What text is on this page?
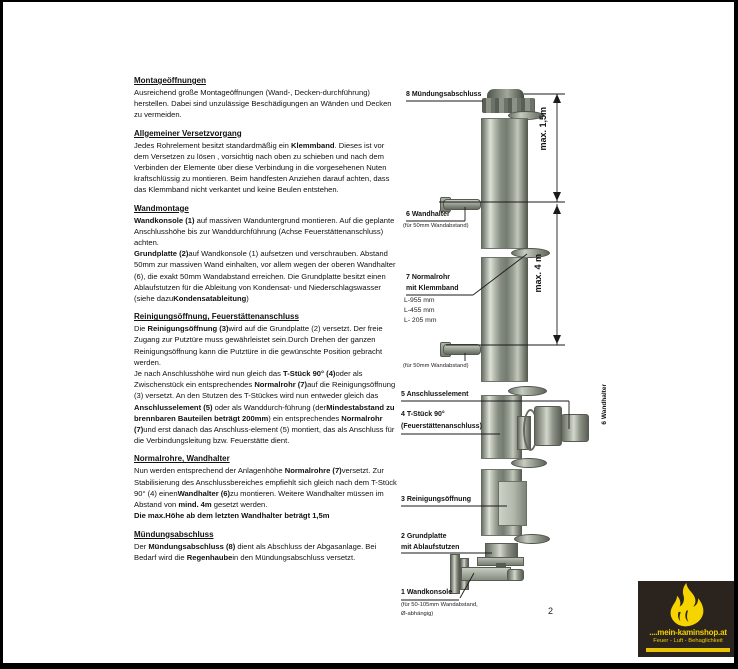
Montageöffnungen

Ausreichend große Montageöffnungen (Wand-, Decken-durchführung) herstellen. Dabei sind unzulässige Beschädigungen an Wänden und Decken zu vermeiden.

Allgemeiner Versetzvorgang

Jedes Rohrelement besitzt standardmäßig ein Klemmband. Dieses ist vor dem Versetzen zu lösen , vorsichtig nach oben zu schieben und nach dem Verbinden der Elemente über diese Verbindung in die vorgesehenen Nuten kraftschlüssig zu montieren. Beim handfesten Anziehen darauf achten, dass das Klemmband nicht verkantet und keine Beulen entstehen.

Wandmontage

Wandkonsole (1) auf massiven Wanduntergrund montieren. Auf die geplante Anschlusshöhe bis zur Wanddurchführung (Achse Feuerstättenanschluss) achten.

Grundplatte (2)auf Wandkonsole (1) aufsetzen und verschrauben. Abstand 50mm zur massiven Wand einhalten, vor allem wegen der oberen Wandhalter (6), die exakt 50mm Wandabstand erreichen. Die Grundplatte besitzt einen Ablaufstutzen für die Ableitung von Kondensat- und Niederschlagswasser (siehe dazuKondensatableitung)

Reinigungsöffnung, Feuerstättenanschluss

Die Reinigungsöffnung (3)wird auf die Grundplatte (2) versetzt. Der freie Zugang zur Putztüre muss gewährleistet sein.Durch Drehen der ganzen Reinigungsöffnung kann die Putztüre in die gewünschte Position gebracht werden.

Je nach Anschlusshöhe wird nun gleich das T-Stück 90° (4)oder als Zwischenstück ein entsprechendes Normalrohr (7)auf die Reinigungsöffnung (3) versetzt. An den Stutzen des T-Stückes wird nun entweder gleich das Anschlusselement (5) oder als Wanddurch-führung (derMindestabstand zu brennbaren Bauteilen beträgt 200mm) ein entsprechendes Normalrohr (7)und erst danach das Anschluss-element (5) montiert, das als Anschluss für die Verbindungsleitung bzw. Feuerstätte dient.

Normalrohre, Wandhalter

Nun werden entsprechend der Anlagenhöhe Normalrohre (7)versetzt. Zur Stabilisierung des Anschlussbereiches empfiehlt sich gleich nach dem T-Stück 90° (4) einenWandhalter (6)zu montieren. Weitere Wandhalter müssen im Abstand von mind. 4m gesetzt werden.

Die max.Höhe ab dem letzten Wandhalter beträgt 1,5m

Mündungsabschluss

Der Mündungsabschluss (8) dient als Abschluss der Abgasanlage. Bei Bedarf wird die Regenhaubein den Mündungsabschluss versetzt.

8 Mündungsabschluss
6 Wandhalter
(für 50mm Wandabstand)
7 Normalrohr
mit Klemmband
L-955 mm
L-455 mm
L- 205 mm
(für 50mm Wandabstand)
5 Anschlusselement
4 T-Stück 90°
(Feuerstättenanschluss)
3 Reinigungsöffnung
2 Grundplatte
mit Ablaufstutzen
1 Wandkonsole
(für 50-105mm Wandabstand,
Ø-abhängig)
max. 1,5m
max. 4 m
6 Wandhalter
2
....mein-kaminshop.at
Feuer - Luft - Behaglichkeit
